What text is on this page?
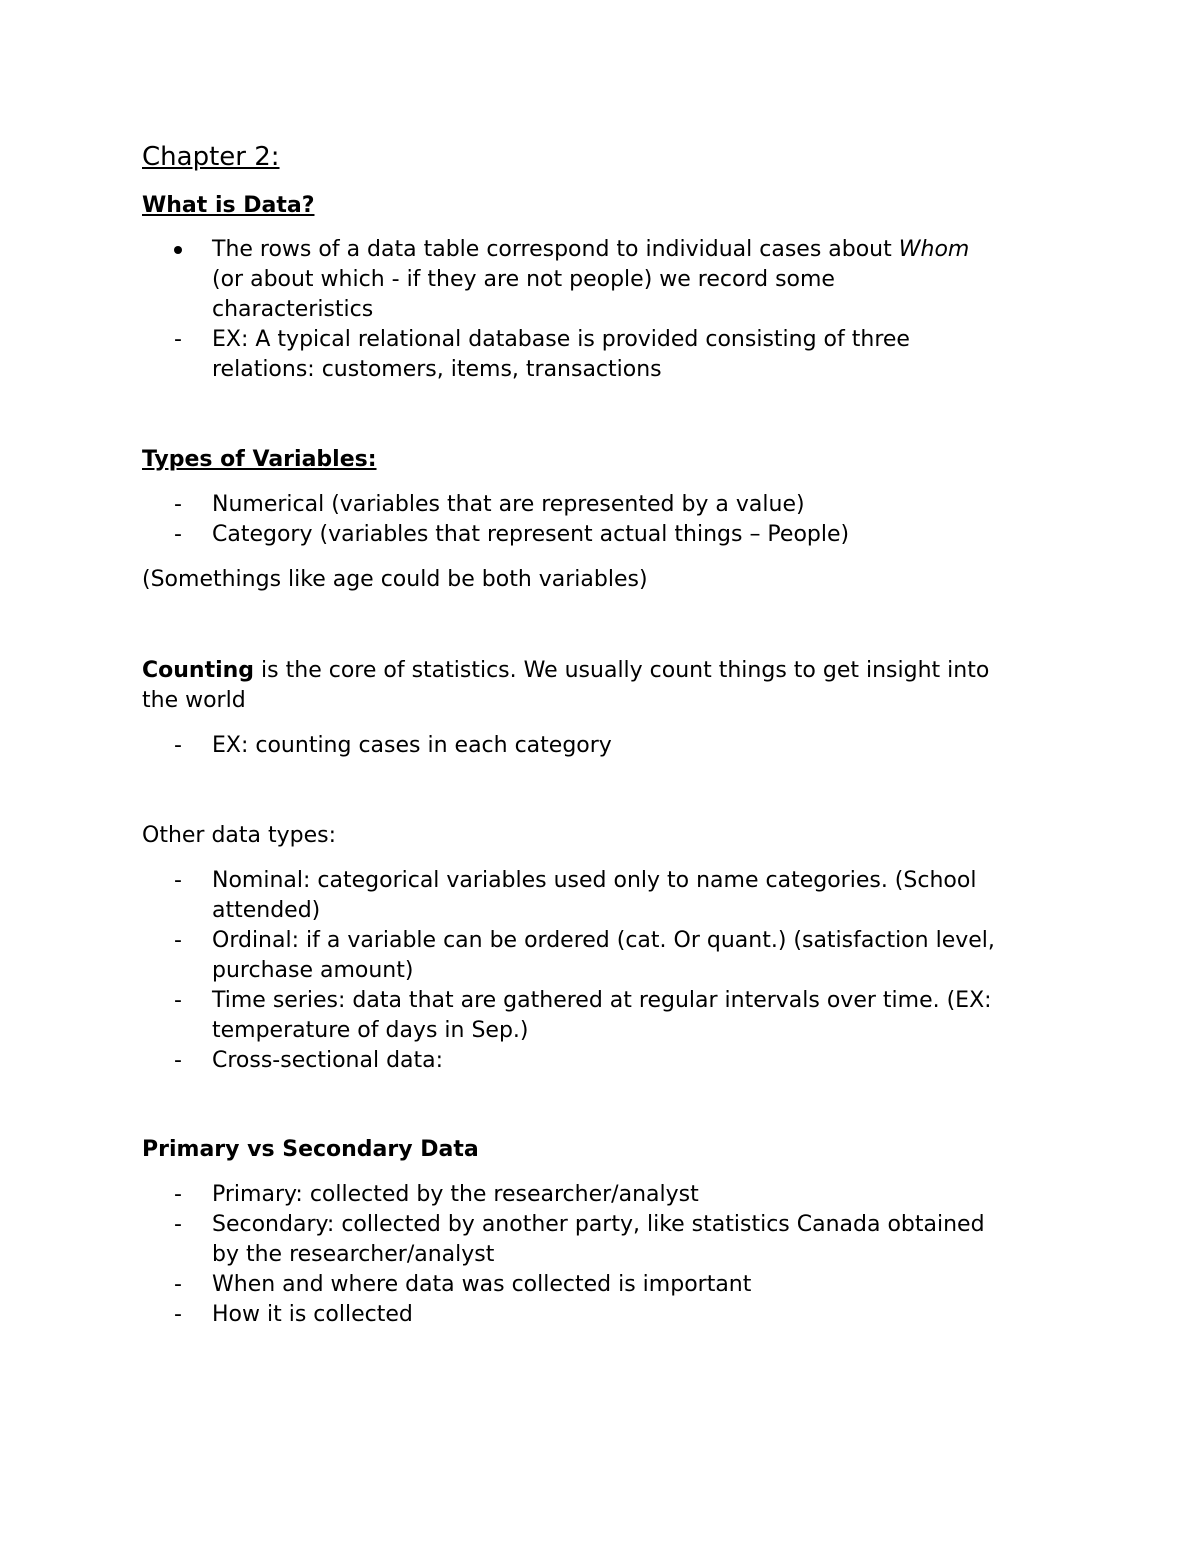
Chapter 2:
What is Data?
The rows of a data table correspond to individual cases about Whom
(or about which - if they are not people) we record some
characteristics
- EX: A typical relational database is provided consisting of three
relations: customers, items, transactions
Types of Variables:
- Numerical (variables that are represented by a value)
- Category (variables that represent actual things – People)
(Somethings like age could be both variables)
Counting is the core of statistics. We usually count things to get insight into
the world
- EX: counting cases in each category
Other data types:
- Nominal: categorical variables used only to name categories. (School
attended)
- Ordinal: if a variable can be ordered (cat. Or quant.) (satisfaction level,
purchase amount)
- Time series: data that are gathered at regular intervals over time. (EX:
temperature of days in Sep.)
- Cross-sectional data:
Primary vs Secondary Data
- Primary: collected by the researcher/analyst
- Secondary: collected by another party, like statistics Canada obtained
by the researcher/analyst
- When and where data was collected is important
- How it is collected
